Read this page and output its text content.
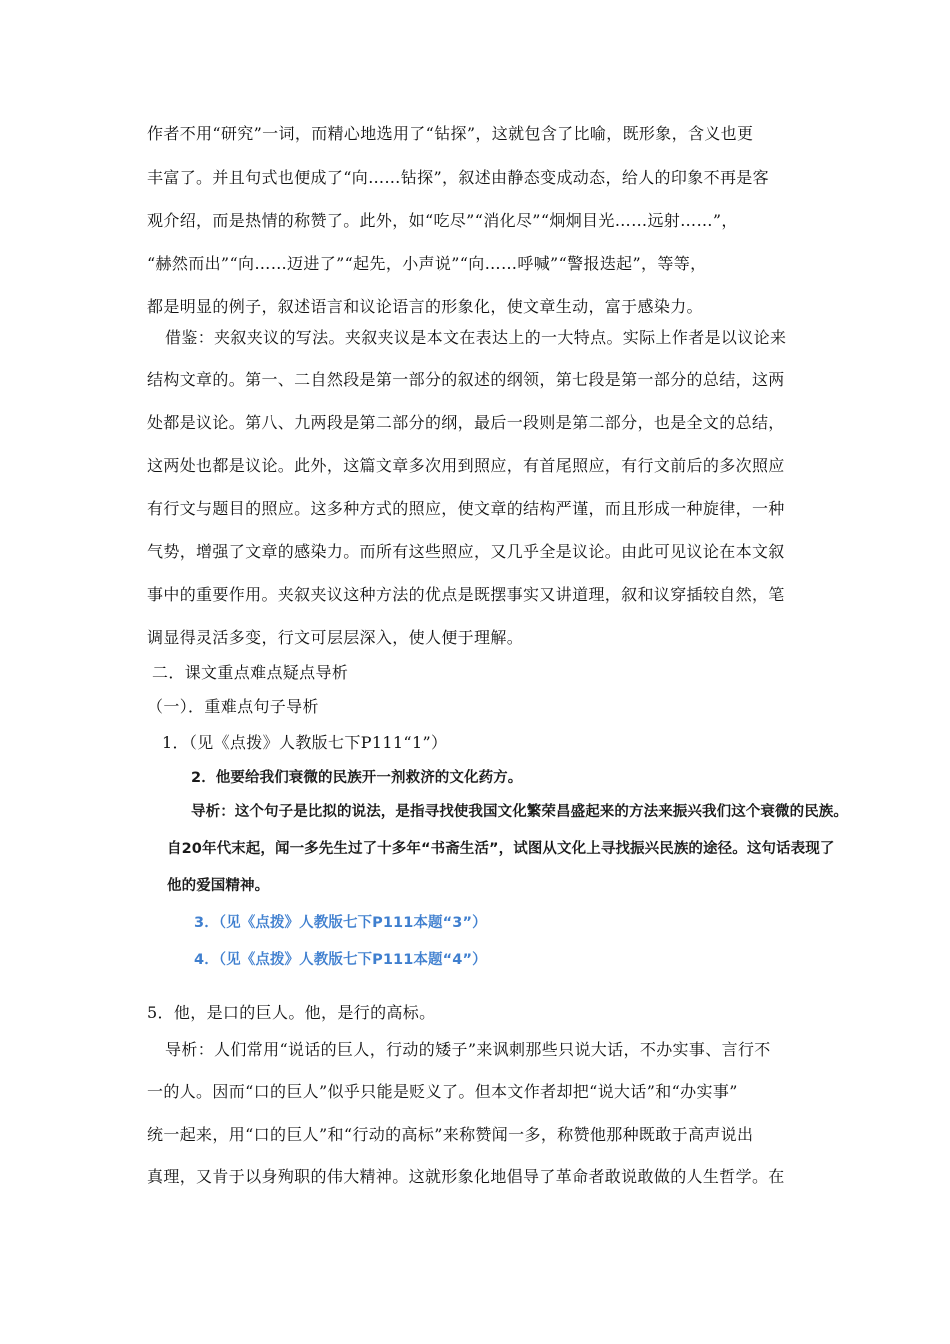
作者不用“研究”一词，而精心地选用了“钻探”，这就包含了比喻，既形象，含义也更
丰富了。并且句式也便成了“向……钻探”，叙述由静态变成动态，给人的印象不再是客
观介绍，而是热情的称赞了。此外，如“吃尽”“消化尽”“炯炯目光……远射……”，
“赫然而出”“向……迈进了”“起先，小声说”“向……呼喊”“警报迭起”，等等，
都是明显的例子，叙述语言和议论语言的形象化，使文章生动，富于感染力。
借鉴：夹叙夹议的写法。夹叙夹议是本文在表达上的一大特点。实际上作者是以议论来
结构文章的。第一、二自然段是第一部分的叙述的纲领，第七段是第一部分的总结，这两
处都是议论。第八、九两段是第二部分的纲，最后一段则是第二部分，也是全文的总结，
这两处也都是议论。此外，这篇文章多次用到照应，有首尾照应，有行文前后的多次照应
有行文与题目的照应。这多种方式的照应，使文章的结构严谨，而且形成一种旋律，一种
气势，增强了文章的感染力。而所有这些照应，又几乎全是议论。由此可见议论在本文叙
事中的重要作用。夹叙夹议这种方法的优点是既摆事实又讲道理，叙和议穿插较自然，笔
调显得灵活多变，行文可层层深入，使人便于理解。
二．课文重点难点疑点导析
（一）．重难点句子导析
1．（见《点拨》人教版七下P111“1”）
2．他要给我们衰微的民族开一剂救济的文化药方。
导析：这个句子是比拟的说法，是指寻找使我国文化繁荣昌盛起来的方法来振兴我们这个衰微的民族。
自20年代末起，闻一多先生过了十多年“书斋生活”，试图从文化上寻找振兴民族的途径。这句话表现了
他的爱国精神。
3．（见《点拨》人教版七下P111本题“3”）
4．（见《点拨》人教版七下P111本题“4”）
5．他，是口的巨人。他，是行的高标。
导析：人们常用“说话的巨人，行动的矮子”来讽刺那些只说大话，不办实事、言行不
一的人。因而“口的巨人”似乎只能是贬义了。但本文作者却把“说大话”和“办实事”
统一起来，用“口的巨人”和“行动的高标”来称赞闻一多，称赞他那种既敢于高声说出
真理，又肯于以身殉职的伟大精神。这就形象化地倡导了革命者敢说敢做的人生哲学。在
